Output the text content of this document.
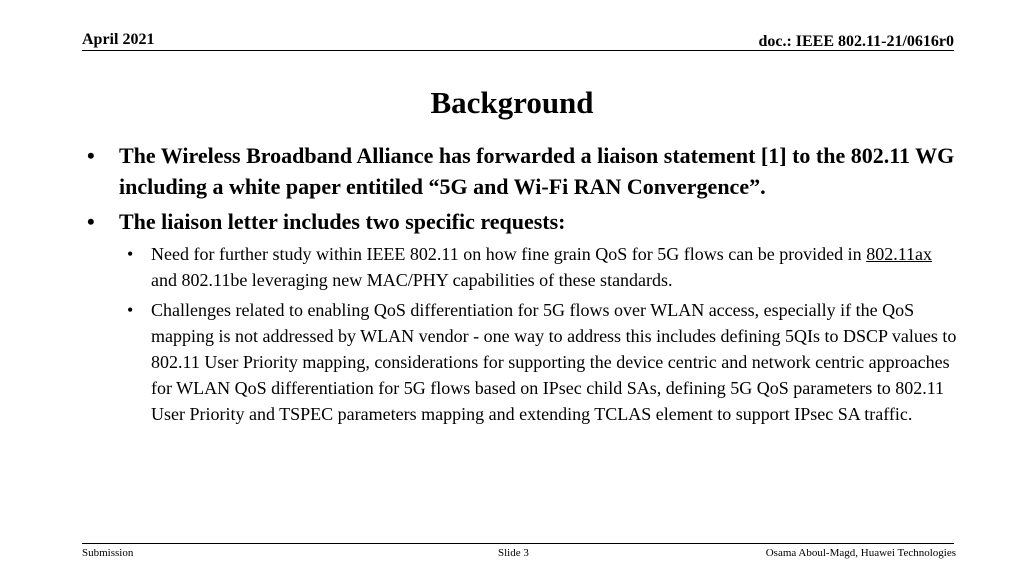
April 2021	doc.: IEEE 802.11-21/0616r0
Background
• The Wireless Broadband Alliance has forwarded a liaison statement [1] to the 802.11 WG including a white paper entitiled “5G and Wi-Fi RAN Convergence”.
• The liaison letter includes two specific requests:
• Need for further study within IEEE 802.11 on how fine grain QoS for 5G flows can be provided in 802.11ax and 802.11be leveraging new MAC/PHY capabilities of these standards.
• Challenges related to enabling QoS differentiation for 5G flows over WLAN access, especially if the QoS mapping is not addressed by WLAN vendor - one way to address this includes defining 5QIs to DSCP values to 802.11 User Priority mapping, considerations for supporting the device centric and network centric approaches for WLAN QoS differentiation for 5G flows based on IPsec child SAs, defining 5G QoS parameters to 802.11 User Priority and TSPEC parameters mapping and extending TCLAS element to support IPsec SA traffic.
Submission	Slide 3	Osama Aboul-Magd, Huawei Technologies
